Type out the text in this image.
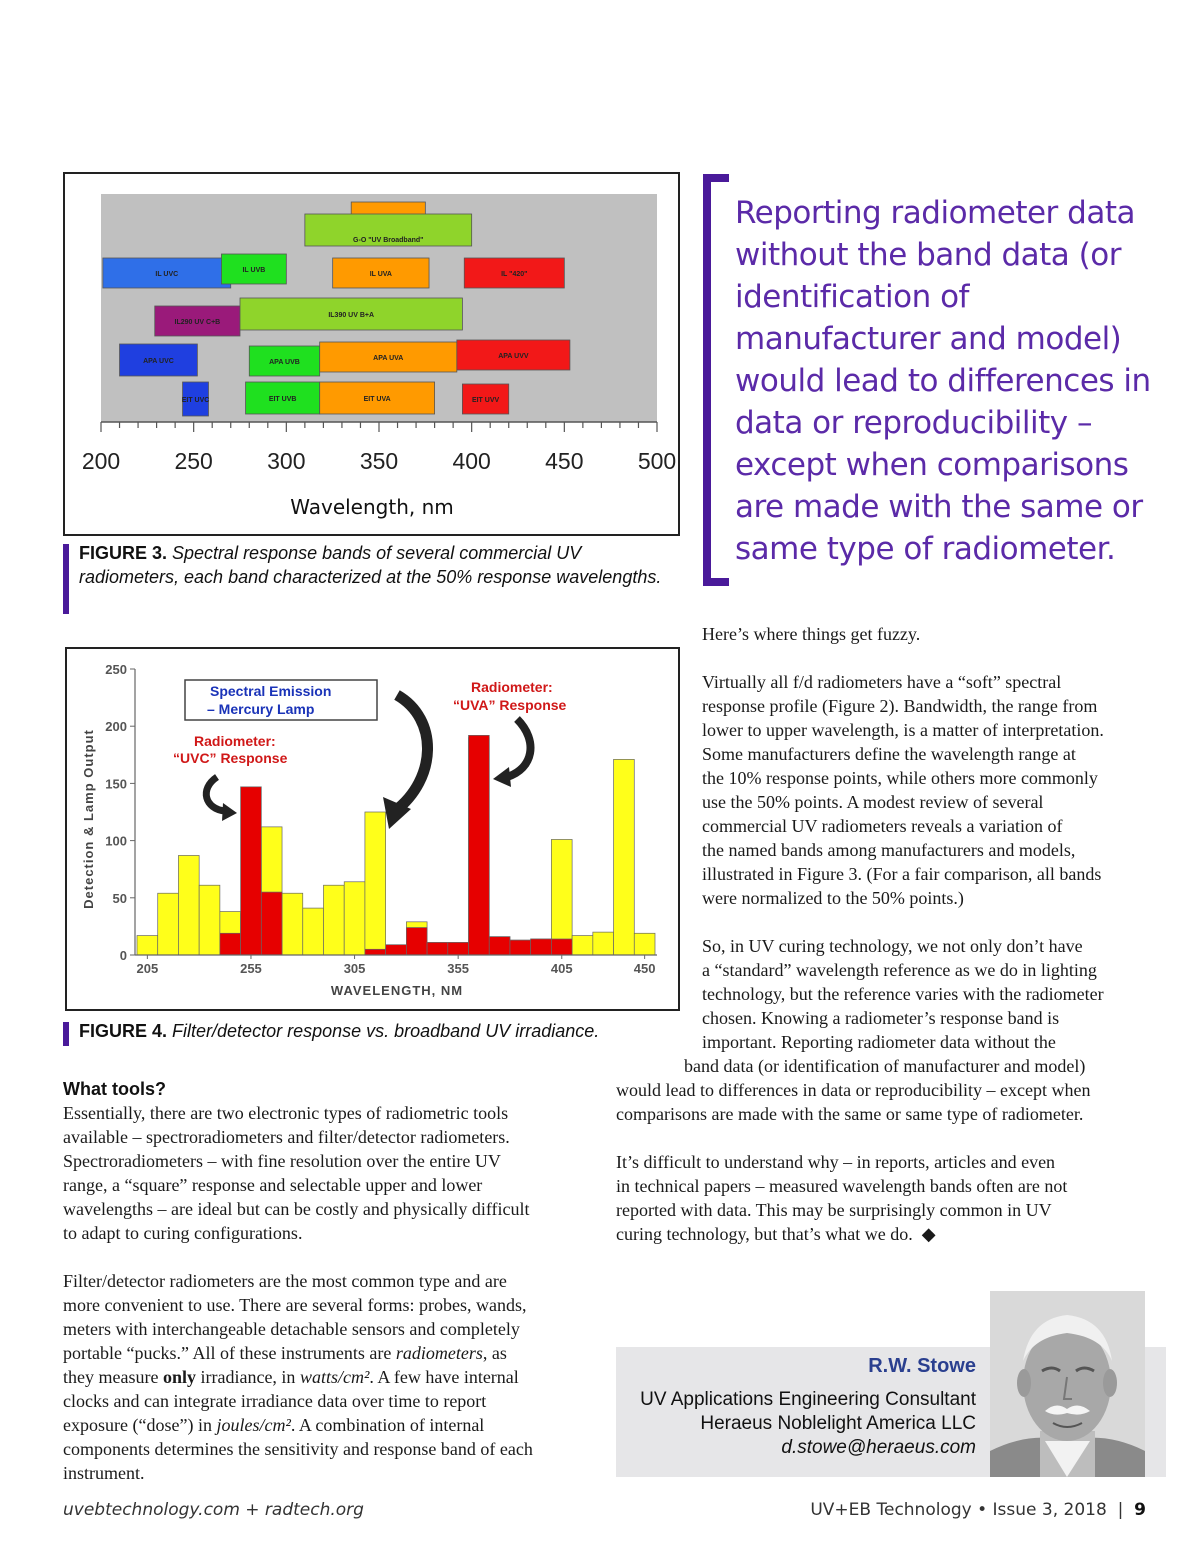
G-O "UV Broadband"
IL UVC
IL UVB
IL UVA	IL "420"
IL290 UV C+B
IL390 UV B+A
APA UVC	APA UVB
APA UVA	APA UVV
EIT UVC	EIT UVB	EIT UVA	EIT UVV
200 250 300 350 400 450 500
Wavelength, nm
FIGURE 3. Spectral response bands of several commercial UV radiometers, each band characterized at the 50% response wavelengths.
0
50
100
150
200
250
205	255	305	355	405	450
WAVELENGTH, NM
Detection & Lamp Output
Spectral Emission
– Mercury Lamp
Radiometer:
“UVC” Response
Radiometer:
“UVA” Response
FIGURE 4. Filter/detector response vs. broadband UV irradiance.
Reporting radiometer data without the band data (or identification of manufacturer and model) would lead to differences in data or reproducibility – except when comparisons are made with the same or same type of radiometer.

Here’s where things get fuzzy.

Virtually all f/d radiometers have a “soft” spectral
response profile (Figure 2). Bandwidth, the range from
lower to upper wavelength, is a matter of interpretation.
Some manufacturers define the wavelength range at
the 10% response points, while others more commonly
use the 50% points. A modest review of several
commercial UV radiometers reveals a variation of
the named bands among manufacturers and models,
illustrated in Figure 3. (For a fair comparison, all bands
were normalized to the 50% points.)

So, in UV curing technology, we not only don’t have
a “standard” wavelength reference as we do in lighting
technology, but the reference varies with the radiometer
chosen. Knowing a radiometer’s response band is
important. Reporting radiometer data without the
band data (or identification of manufacturer and model)

would lead to differences in data or reproducibility – except when
comparisons are made with the same or same type of radiometer.

It’s difficult to understand why – in reports, articles and even
in technical papers – measured wavelength bands often are not
reported with data. This may be surprisingly common in UV
curing technology, but that’s what we do. ◆

What tools?
Essentially, there are two electronic types of radiometric tools
available – spectroradiometers and filter/detector radiometers.
Spectroradiometers – with fine resolution over the entire UV
range, a “square” response and selectable upper and lower
wavelengths – are ideal but can be costly and physically difficult
to adapt to curing configurations.
Filter/detector radiometers are the most common type and are
more convenient to use. There are several forms: probes, wands,
meters with interchangeable detachable sensors and completely
portable “pucks.” All of these instruments are radiometers, as
they measure only irradiance, in watts/cm². A few have internal
clocks and can integrate irradiance data over time to report
exposure (“dose”) in joules/cm². A combination of internal
components determines the sensitivity and response band of each
instrument.
R.W. Stowe
UV Applications Engineering Consultant
Heraeus Noblelight America LLC
d.stowe@heraeus.com
uvebtechnology.com + radtech.org	UV+EB Technology • Issue 3, 2018 | 9
